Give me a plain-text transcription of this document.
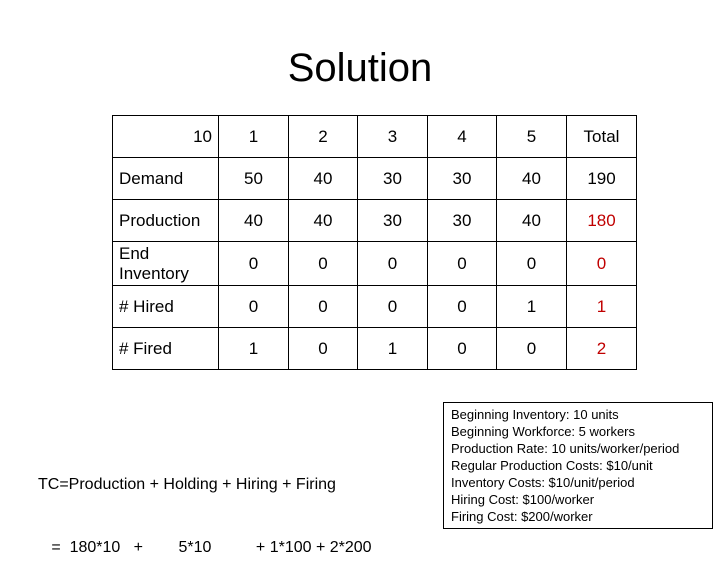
Solution
10	1	2	3	4	5	Total
Demand	50	40	30	30	40	190
Production	40	40	30	30	40	180
End Inventory	0	0	0	0	0	0
# Hired	0	0	0	0	1	1
# Fired	1	0	1	0	0	2

TC=Production + Holding + Hiring + Firing

=  180*10   +        5*10          + 1*100 + 2*200

Beginning Inventory: 10 units
Beginning Workforce: 5 workers
Production Rate: 10 units/worker/period
Regular Production Costs: $10/unit
Inventory Costs: $10/unit/period
Hiring Cost: $100/worker
Firing Cost: $200/worker
